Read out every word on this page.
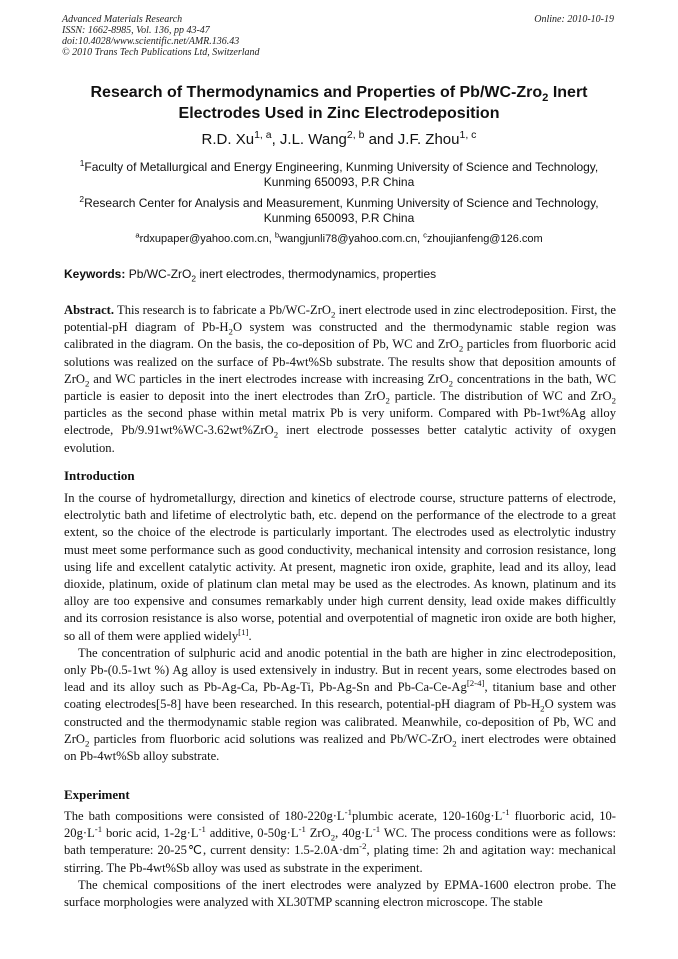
Advanced Materials Research
ISSN: 1662-8985, Vol. 136, pp 43-47
doi:10.4028/www.scientific.net/AMR.136.43
© 2010 Trans Tech Publications Ltd, Switzerland
Online: 2010-10-19
Research of Thermodynamics and Properties of Pb/WC-Zro$_2$ Inert
Electrodes Used in Zinc Electrodeposition
R.D. Xu$^{1, a}$, J.L. Wang$^{2, b}$ and J.F. Zhou$^{1, c}$
$^1$Faculty of Metallurgical and Energy Engineering, Kunming University of Science and Technology,
Kunming 650093, P.R China
$^2$Research Center for Analysis and Measurement, Kunming University of Science and Technology,
Kunming 650093, P.R China
$^a$rdxupaper@yahoo.com.cn, $^b$wangjunli78@yahoo.com.cn, $^c$zhoujianfeng@126.com
Keywords: Pb/WC-ZrO$_2$ inert electrodes, thermodynamics, properties

Abstract. This research is to fabricate a Pb/WC-ZrO$_2$ inert electrode used in zinc electrodeposition. First, the potential-pH diagram of $Pb-H_2O$ system was constructed and the thermodynamic stable region was calibrated in the diagram. On the basis, the co-deposition of Pb, WC and ZrO$_2$ particles from fluorboric acid solutions was realized on the surface of Pb-4wt%Sb substrate. The results show that deposition amounts of ZrO$_2$ and WC particles in the inert electrodes increase with increasing ZrO$_2$ concentrations in the bath, WC particle is easier to deposit into the inert electrodes than ZrO$_2$ particle. The distribution of WC and ZrO$_2$ particles as the second phase within metal matrix Pb is very uniform. Compared with Pb-1wt%Ag alloy electrode, Pb/9.91wt%WC-3.62wt%ZrO$_2$ inert electrode possesses better catalytic activity of oxygen evolution.

Introduction

In the course of hydrometallurgy, direction and kinetics of electrode course, structure patterns of electrode, electrolytic bath and lifetime of electrolytic bath, etc. depend on the performance of the electrode to a great extent, so the choice of the electrode is particularly important. The electrodes used as electrolytic industry must meet some performance such as good conductivity, mechanical intensity and corrosion resistance, long using life and excellent catalytic activity. At present, magnetic iron oxide, graphite, lead and its alloy, lead dioxide, platinum, oxide of platinum clan metal may be used as the electrodes. As known, platinum and its alloy are too expensive and consumes remarkably under high current density, lead oxide makes difficultly and its corrosion resistance is also worse, potential and overpotential of magnetic iron oxide are both higher, so all of them were applied widely[1].

The concentration of sulphuric acid and anodic potential in the bath are higher in zinc electrodeposition, only Pb-(0.5-1wt %) Ag alloy is used extensively in industry. But in recent years, some electrodes based on lead and its alloy such as Pb-Ag-Ca, Pb-Ag-Ti, Pb-Ag-Sn and Pb-Ca-Ce-Ag[2-4], titanium base and other coating electrodes[5-8] have been researched. In this research, potential-pH diagram of $Pb-H_2O$ system was constructed and the thermodynamic stable region was calibrated. Meanwhile, co-deposition of Pb, WC and ZrO$_2$ particles from fluorboric acid solutions was realized and Pb/WC-ZrO$_2$ inert electrodes were obtained on Pb-4wt%Sb alloy substrate.

Experiment

The bath compositions were consisted of $180-220g\cdot L^{-1}plumbic$ acerate, $120-160g\cdot L^{-1}$ fluorboric acid, $10-20g\cdot L^{-1}$ boric acid, $1-2g\cdot L^{-1}$ additive, $0-50g\cdot L^{-1}$ ZrO$_2$, $40g\cdot L^{-1}$ WC. The process conditions were as follows: bath temperature: 20-25℃, current density: $1.5-2.0A\cdot dm^{-2}$, plating time: 2h and agitation way: mechanical stirring. The Pb-4wt%Sb alloy was used as substrate in the experiment.

The chemical compositions of the inert electrodes were analyzed by EPMA-1600 electron probe. The surface morphologies were analyzed with XL30TMP scanning electron microscope. The stable
